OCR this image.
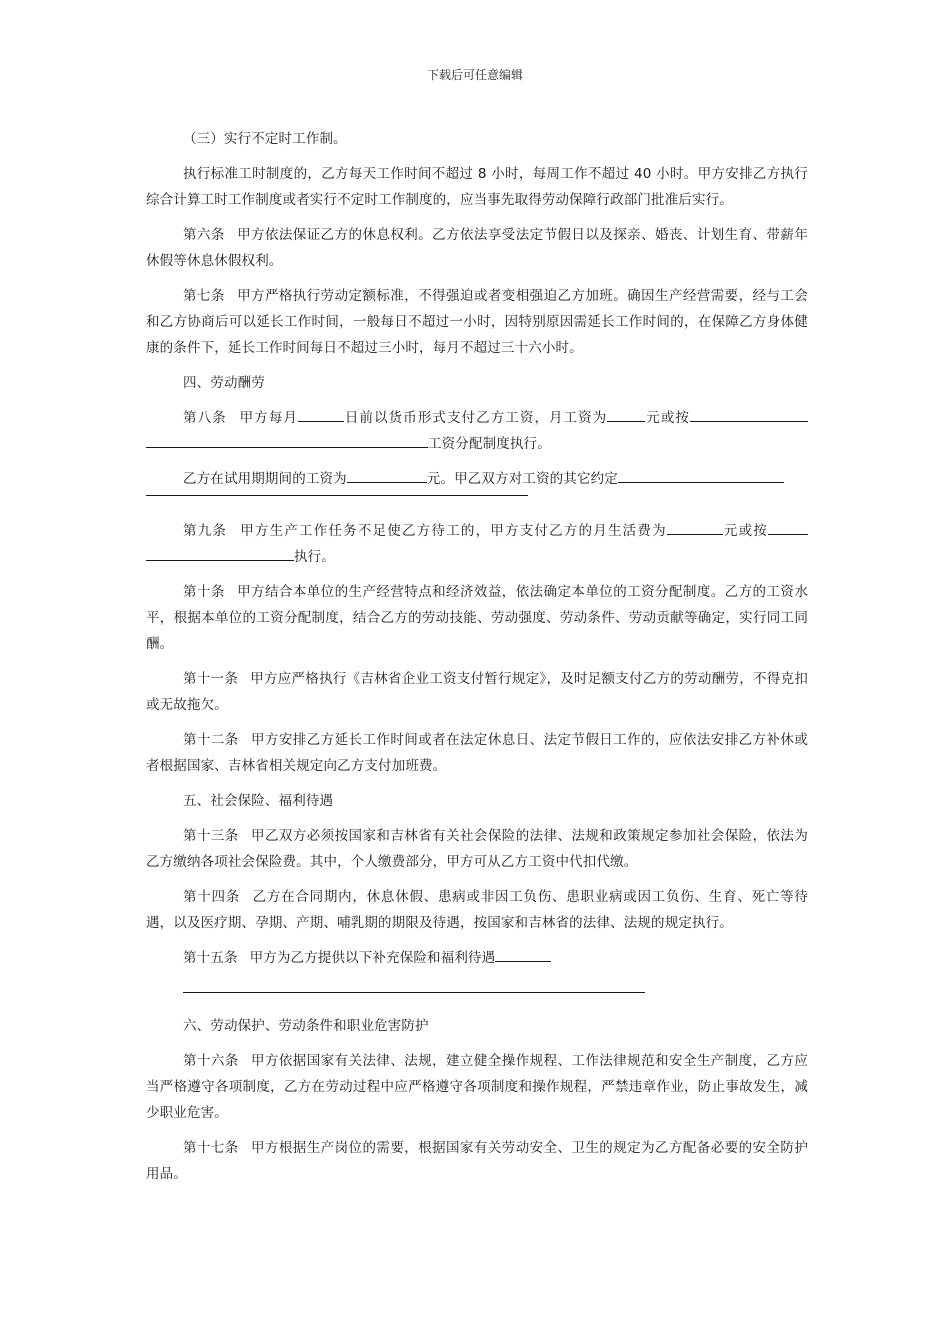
下载后可任意编辑

（三）实行不定时工作制。

执行标准工时制度的，乙方每天工作时间不超过 8 小时，每周工作不超过 40 小时。甲方安排乙方执行综合计算工时工作制度或者实行不定时工作制度的，应当事先取得劳动保障行政部门批准后实行。

第六条 甲方依法保证乙方的休息权利。乙方依法享受法定节假日以及探亲、婚丧、计划生育、带薪年休假等休息休假权利。

第七条 甲方严格执行劳动定额标准，不得强迫或者变相强迫乙方加班。确因生产经营需要，经与工会和乙方协商后可以延长工作时间，一般每日不超过一小时，因特别原因需延长工作时间的，在保障乙方身体健康的条件下，延长工作时间每日不超过三小时，每月不超过三十六小时。

四、劳动酬劳

第八条 甲方每月	日前以货币形式支付乙方工资，月工资为	元或按工资分配制度执行。

乙方在试用期期间的工资为	元。甲乙双方对工资的其它约定

第九条 甲方生产工作任务不足使乙方待工的，甲方支付乙方的月生活费为	元或按执行。

第十条 甲方结合本单位的生产经营特点和经济效益，依法确定本单位的工资分配制度。乙方的工资水平，根据本单位的工资分配制度，结合乙方的劳动技能、劳动强度、劳动条件、劳动贡献等确定，实行同工同酬。

第十一条 甲方应严格执行《吉林省企业工资支付暂行规定》，及时足额支付乙方的劳动酬劳，不得克扣或无故拖欠。

第十二条 甲方安排乙方延长工作时间或者在法定休息日、法定节假日工作的，应依法安排乙方补休或者根据国家、吉林省相关规定向乙方支付加班费。

五、社会保险、福利待遇

第十三条 甲乙双方必须按国家和吉林省有关社会保险的法律、法规和政策规定参加社会保险，依法为乙方缴纳各项社会保险费。其中，个人缴费部分，甲方可从乙方工资中代扣代缴。

第十四条 乙方在合同期内，休息休假、患病或非因工负伤、患职业病或因工负伤、生育、死亡等待遇，以及医疗期、孕期、产期、哺乳期的期限及待遇，按国家和吉林省的法律、法规的规定执行。

第十五条 甲方为乙方提供以下补充保险和福利待遇

六、劳动保护、劳动条件和职业危害防护

第十六条 甲方依据国家有关法律、法规，建立健全操作规程、工作法律规范和安全生产制度，乙方应当严格遵守各项制度，乙方在劳动过程中应严格遵守各项制度和操作规程，严禁违章作业，防止事故发生，减少职业危害。

第十七条 甲方根据生产岗位的需要，根据国家有关劳动安全、卫生的规定为乙方配备必要的安全防护用品。
